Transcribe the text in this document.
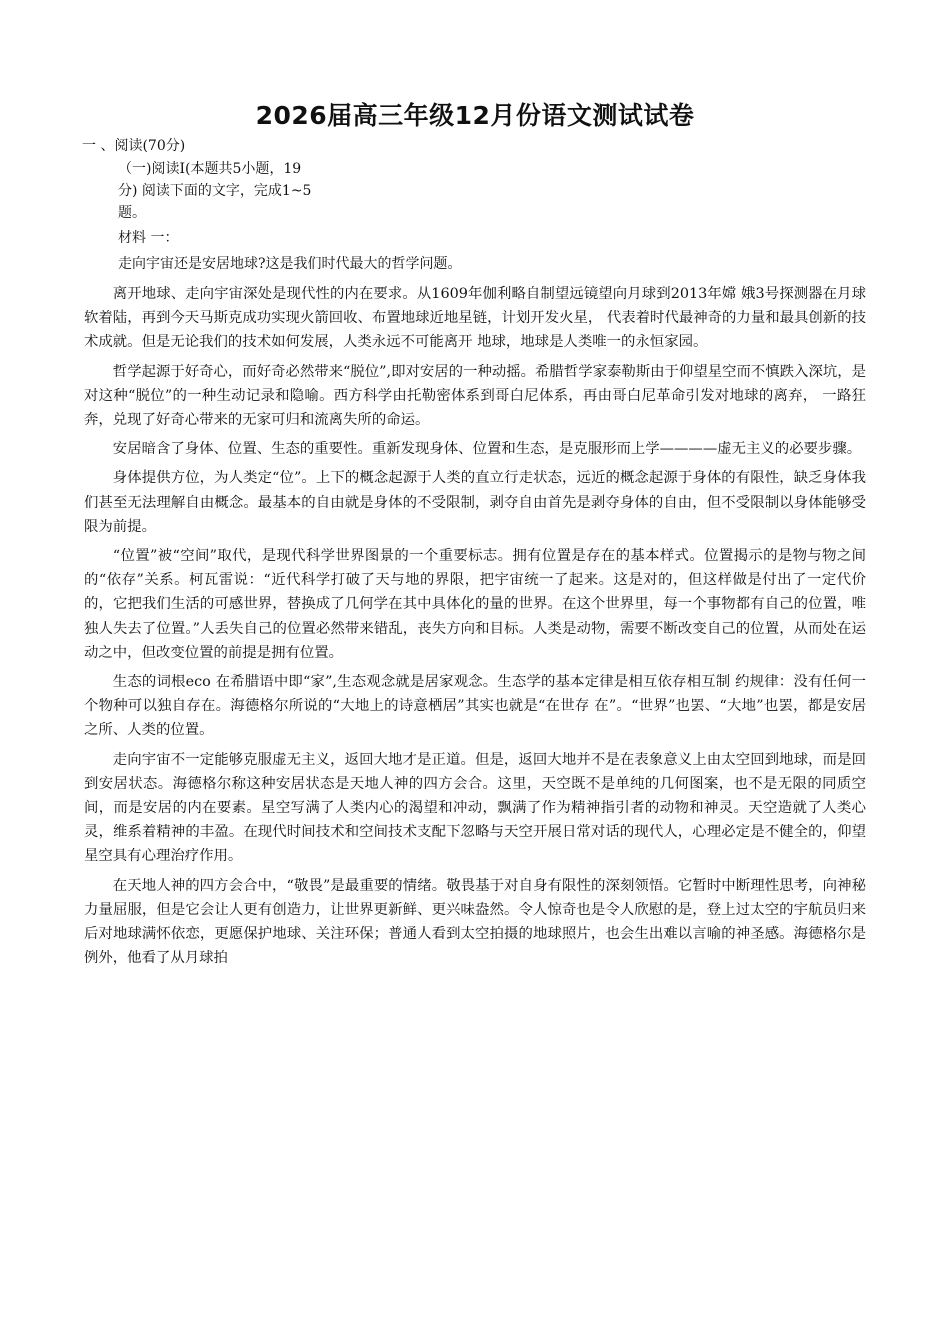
2026届高三年级12月份语文测试试卷
一 、阅读(70分)
（一)阅读Ⅰ(本题共5小题，19
分) 阅读下面的文字，完成1~5
题。
材料 一：
走向宇宙还是安居地球?这是我们时代最大的哲学问题。

离开地球、走向宇宙深处是现代性的内在要求。从1609年伽利略自制望远镜望向月球到2013年嫦 娥3号探测器在月球软着陆，再到今天马斯克成功实现火箭回收、布置地球近地星链，计划开发火星， 代表着时代最神奇的力量和最具创新的技术成就。但是无论我们的技术如何发展，人类永远不可能离开 地球，地球是人类唯一的永恒家园。

哲学起源于好奇心，而好奇必然带来“脱位”,即对安居的一种动摇。希腊哲学家泰勒斯由于仰望星空而不慎跌入深坑，是对这种“脱位”的一种生动记录和隐喻。西方科学由托勒密体系到哥白尼体系，再由哥白尼革命引发对地球的离弃， 一路狂奔，兑现了好奇心带来的无家可归和流离失所的命运。

安居暗含了身体、位置、生态的重要性。重新发现身体、位置和生态，是克服形而上学————虚无主义的必要步骤。

身体提供方位，为人类定“位”。上下的概念起源于人类的直立行走状态，远近的概念起源于身体的有限性，缺乏身体我们甚至无法理解自由概念。最基本的自由就是身体的不受限制，剥夺自由首先是剥夺身体的自由，但不受限制以身体能够受限为前提。

“位置”被“空间”取代，是现代科学世界图景的一个重要标志。拥有位置是存在的基本样式。位置揭示的是物与物之间的“依存”关系。柯瓦雷说：“近代科学打破了天与地的界限，把宇宙统一了起来。这是对的，但这样做是付出了一定代价的，它把我们生活的可感世界，替换成了几何学在其中具体化的量的世界。在这个世界里，每一个事物都有自己的位置，唯独人失去了位置。”人丢失自己的位置必然带来错乱，丧失方向和目标。人类是动物，需要不断改变自己的位置，从而处在运动之中，但改变位置的前提是拥有位置。

生态的词根eco 在希腊语中即“家”,生态观念就是居家观念。生态学的基本定律是相互依存相互制 约规律：没有任何一个物种可以独自存在。海德格尔所说的“大地上的诗意栖居”其实也就是“在世存 在”。“世界”也罢、“大地”也罢，都是安居之所、人类的位置。

走向宇宙不一定能够克服虚无主义，返回大地才是正道。但是，返回大地并不是在表象意义上由太空回到地球，而是回到安居状态。海德格尔称这种安居状态是天地人神的四方会合。这里，天空既不是单纯的几何图案，也不是无限的同质空间，而是安居的内在要素。星空写满了人类内心的渴望和冲动，飘满了作为精神指引者的动物和神灵。天空造就了人类心灵，维系着精神的丰盈。在现代时间技术和空间技术支配下忽略与天空开展日常对话的现代人，心理必定是不健全的，仰望星空具有心理治疗作用。

在天地人神的四方会合中，“敬畏”是最重要的情绪。敬畏基于对自身有限性的深刻领悟。它暂时中断理性思考，向神秘力量屈服，但是它会让人更有创造力，让世界更新鲜、更兴味盎然。令人惊奇也是令人欣慰的是，登上过太空的宇航员归来后对地球满怀依恋，更愿保护地球、关注环保；普通人看到太空拍摄的地球照片，也会生出难以言喻的神圣感。海德格尔是例外，他看了从月球拍
